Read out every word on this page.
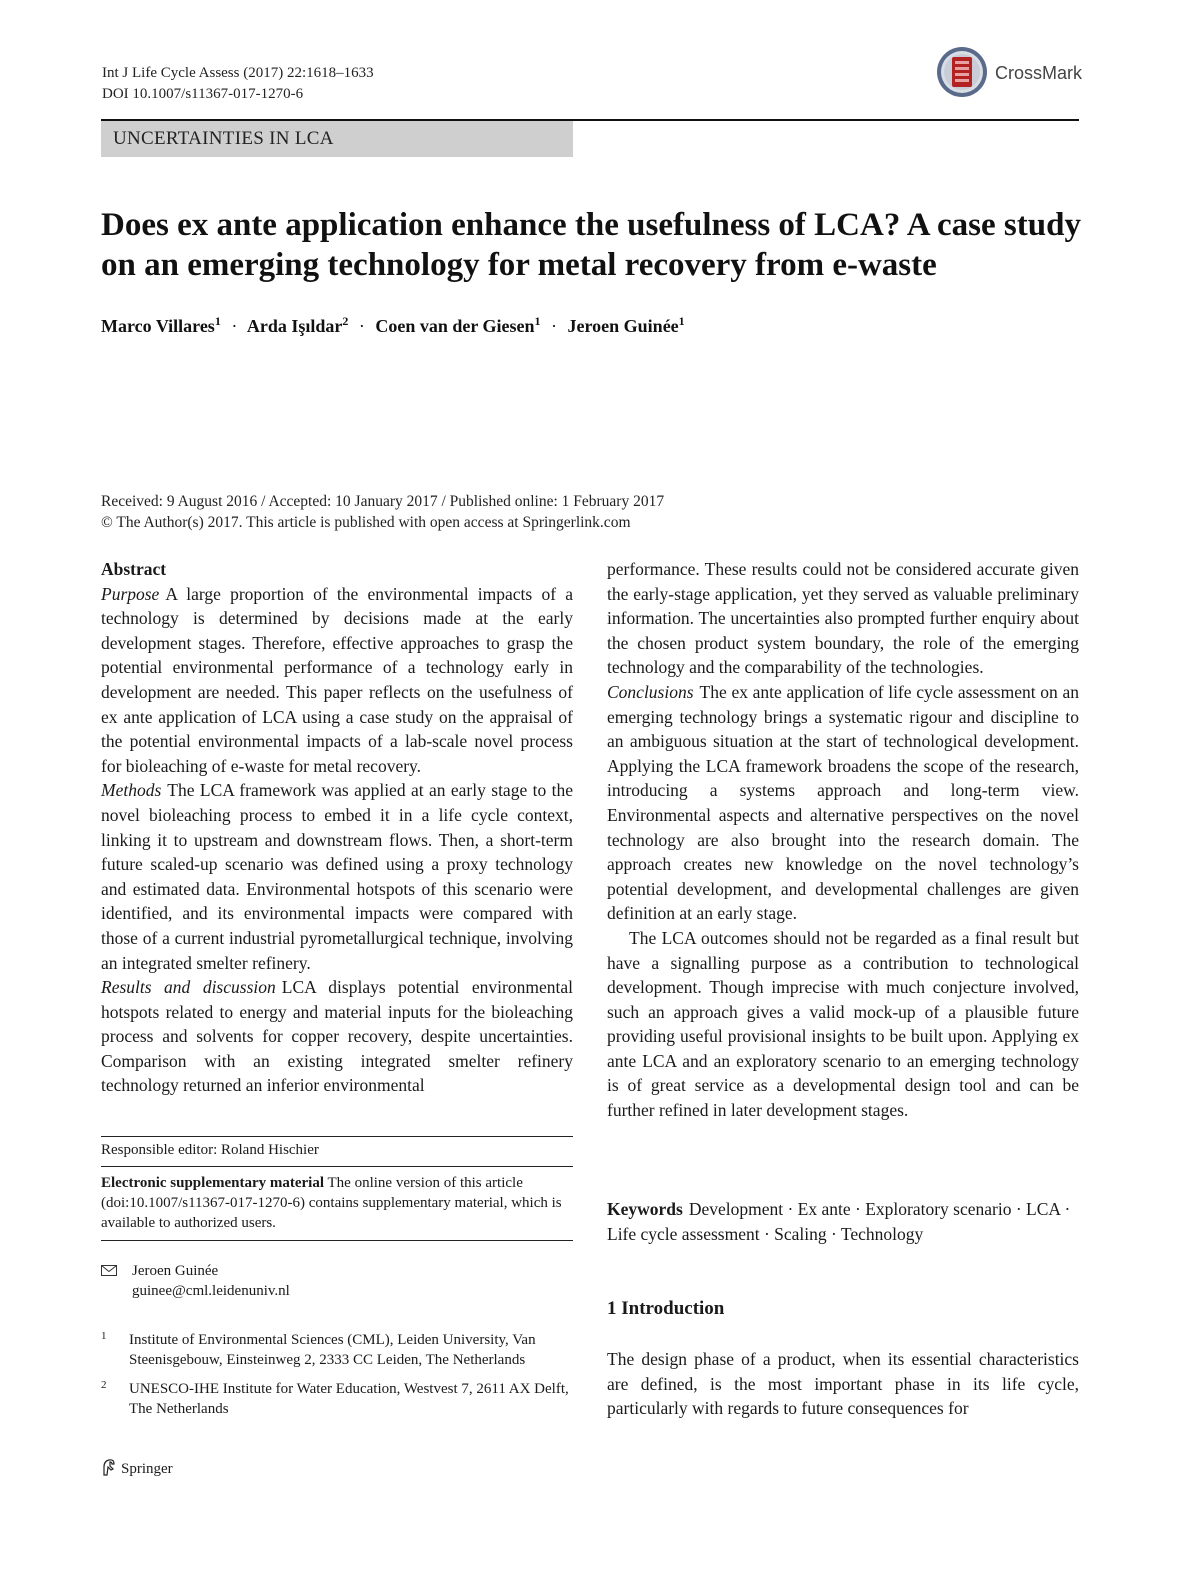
Int J Life Cycle Assess (2017) 22:1618–1633
DOI 10.1007/s11367-017-1270-6
CrossMark
UNCERTAINTIES IN LCA
Does ex ante application enhance the usefulness of LCA? A case study on an emerging technology for metal recovery from e-waste
Marco Villares$^1$ · Arda Işıldar$^2$ · Coen van der Giesen$^1$ · Jeroen Guinée$^1$
Received: 9 August 2016 / Accepted: 10 January 2017 / Published online: 1 February 2017
© The Author(s) 2017. This article is published with open access at Springerlink.com

Abstract

Purpose A large proportion of the environmental impacts of a technology is determined by decisions made at the early development stages. Therefore, effective approaches to grasp the potential environmental performance of a technology early in development are needed. This paper reflects on the usefulness of ex ante application of LCA using a case study on the appraisal of the potential environmental impacts of a lab-scale novel process for bioleaching of e-waste for metal recovery.

Methods The LCA framework was applied at an early stage to the novel bioleaching process to embed it in a life cycle context, linking it to upstream and downstream flows. Then, a short-term future scaled-up scenario was defined using a proxy technology and estimated data. Environmental hotspots of this scenario were identified, and its environmental impacts were compared with those of a current industrial pyrometallurgical technique, involving an integrated smelter refinery.

Results and discussion LCA displays potential environmental hotspots related to energy and material inputs for the bioleaching process and solvents for copper recovery, despite uncertainties. Comparison with an existing integrated smelter refinery technology returned an inferior environmental

Responsible editor: Roland Hischier
Electronic supplementary material The online version of this article (doi:10.1007/s11367-017-1270-6) contains supplementary material, which is available to authorized users.
Jeroen Guinée
guinee@cml.leidenuniv.nl
1 Institute of Environmental Sciences (CML), Leiden University, Van Steenisgebouw, Einsteinweg 2, 2333 CC Leiden, The Netherlands
2 UNESCO-IHE Institute for Water Education, Westvest 7, 2611 AX Delft, The Netherlands

performance. These results could not be considered accurate given the early-stage application, yet they served as valuable preliminary information. The uncertainties also prompted further enquiry about the chosen product system boundary, the role of the emerging technology and the comparability of the technologies.

Conclusions The ex ante application of life cycle assessment on an emerging technology brings a systematic rigour and discipline to an ambiguous situation at the start of technological development. Applying the LCA framework broadens the scope of the research, introducing a systems approach and long-term view. Environmental aspects and alternative perspectives on the novel technology are also brought into the research domain. The approach creates new knowledge on the novel technology’s potential development, and developmental challenges are given definition at an early stage.

The LCA outcomes should not be regarded as a final result but have a signalling purpose as a contribution to technological development. Though imprecise with much conjecture involved, such an approach gives a valid mock-up of a plausible future providing useful provisional insights to be built upon. Applying ex ante LCA and an exploratory scenario to an emerging technology is of great service as a developmental design tool and can be further refined in later development stages.

Keywords Development · Ex ante · Exploratory scenario · LCA · Life cycle assessment · Scaling · Technology
1 Introduction
The design phase of a product, when its essential characteristics are defined, is the most important phase in its life cycle, particularly with regards to future consequences for
Springer
